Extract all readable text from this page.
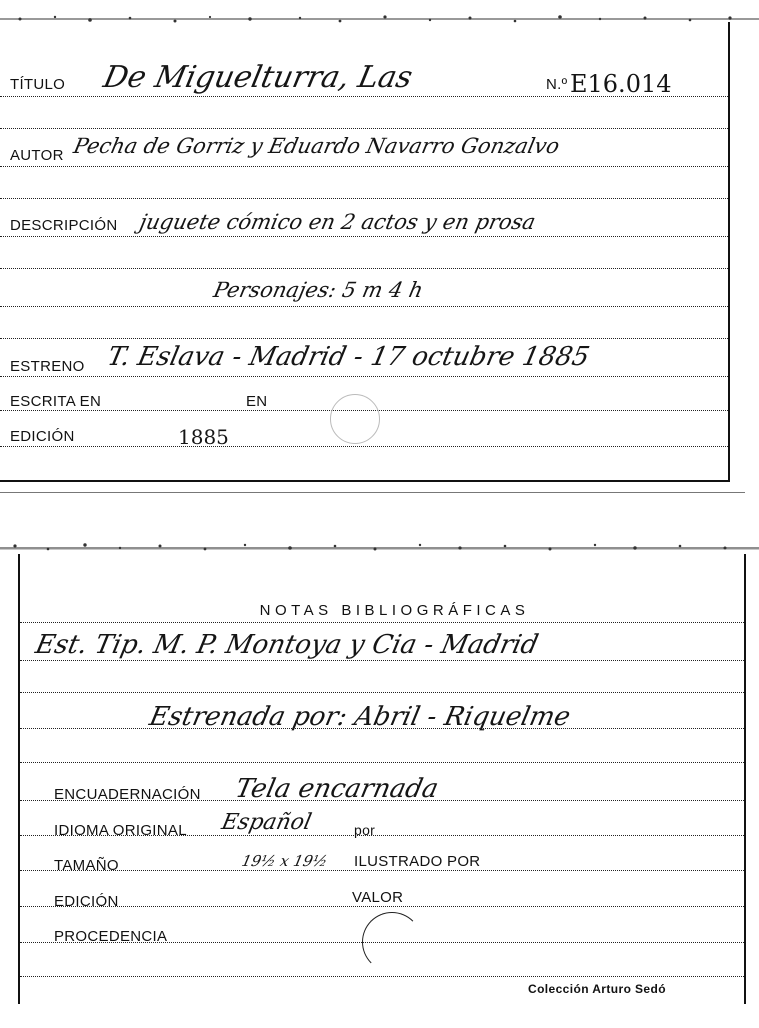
TÍTULO De Miguelturra, Las	N.º E16.014
AUTOR Pecha de Gorriz y Eduardo Navarro Gonzalvo
DESCRIPCIÓN juguete cómico en 2 actos y en prosa
Personajes: 5 m 4 h
ESTRENO T. Eslava - Madrid - 17 octubre 1885
ESCRITA EN	EN
EDICIÓN	1885
NOTAS BIBLIOGRÁFICAS
Est. Tip. M. P. Montoya y Cia - Madrid
Estrenada por: Abril - Riquelme
ENCUADERNACIÓN Tela encarnada
IDIOMA ORIGINAL Español	por
TAMAÑO	19½ x 19½ ILUSTRADO POR
EDICIÓN	VALOR
PROCEDENCIA
Colección Arturo Sedó
